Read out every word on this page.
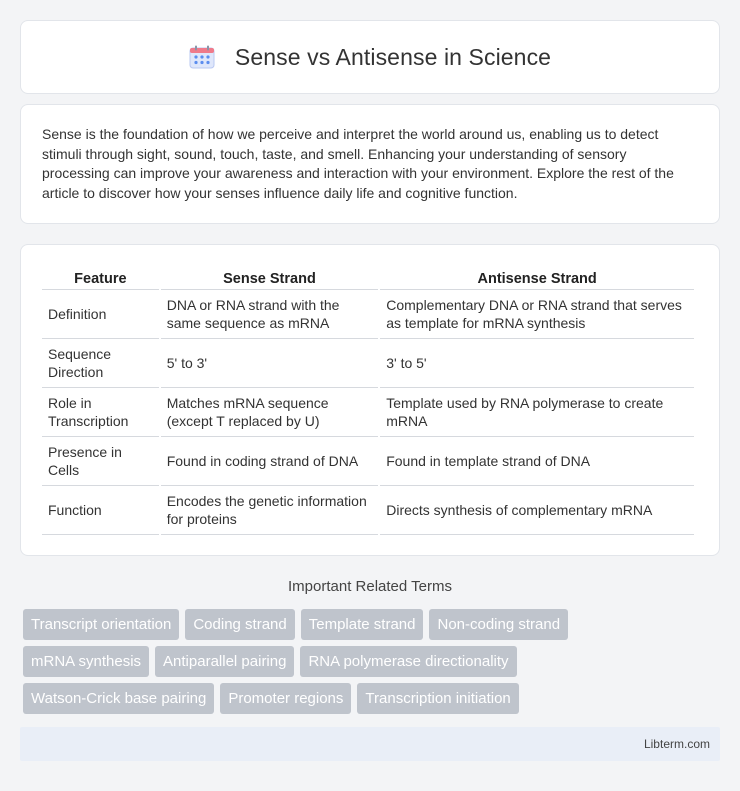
Sense vs Antisense in Science

Sense is the foundation of how we perceive and interpret the world around us, enabling us to detect stimuli through sight, sound, touch, taste, and smell. Enhancing your understanding of sensory processing can improve your awareness and interaction with your environment. Explore the rest of the article to discover how your senses influence daily life and cognitive function.

Feature	Sense Strand	Antisense Strand
Definition	DNA or RNA strand with the same sequence as mRNA	Complementary DNA or RNA strand that serves as template for mRNA synthesis
Sequence Direction	5' to 3'	3' to 5'
Role in Transcription	Matches mRNA sequence (except T replaced by U)	Template used by RNA polymerase to create mRNA
Presence in Cells	Found in coding strand of DNA	Found in template strand of DNA
Function	Encodes the genetic information for proteins	Directs synthesis of complementary mRNA
Important Related Terms
Transcript orientation	Coding strand	Template strand	Non-coding strand
mRNA synthesis	Antiparallel pairing	RNA polymerase directionality
Watson-Crick base pairing	Promoter regions	Transcription initiation
Libterm.com
